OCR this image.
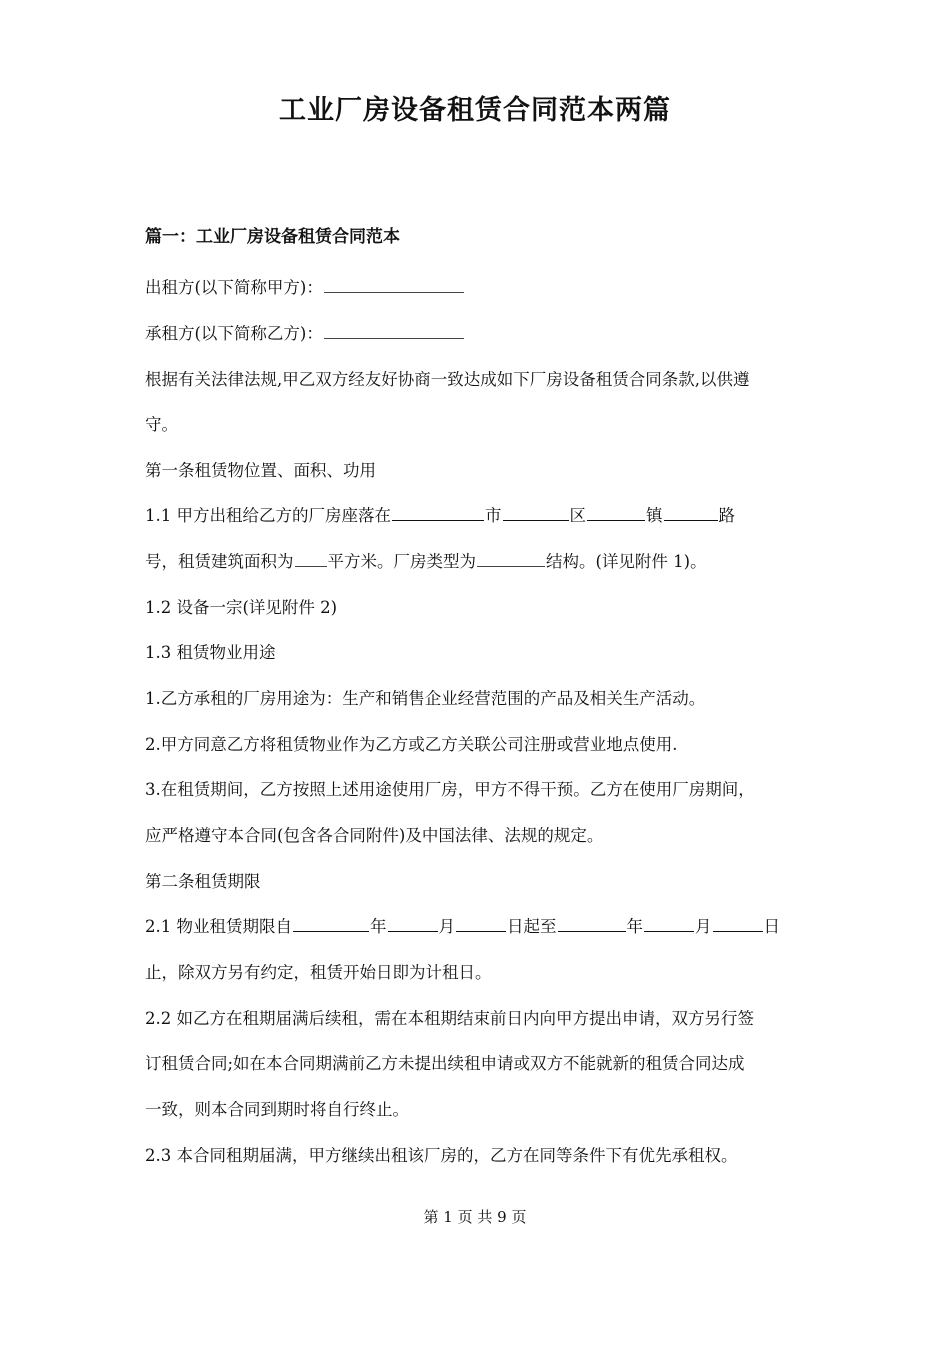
工业厂房设备租赁合同范本两篇
篇一：工业厂房设备租赁合同范本
出租方(以下简称甲方)：
承租方(以下简称乙方)：
根据有关法律法规,甲乙双方经友好协商一致达成如下厂房设备租赁合同条款,以供遵
守。
第一条租赁物位置、面积、功用
1.1 甲方出租给乙方的厂房座落在	市	区	镇	路
号，租赁建筑面积为 平方米。厂房类型为	结构。(详见附件 1)。
1.2 设备一宗(详见附件 2)
1.3 租赁物业用途
1.乙方承租的厂房用途为：生产和销售企业经营范围的产品及相关生产活动。
2.甲方同意乙方将租赁物业作为乙方或乙方关联公司注册或营业地点使用.
3.在租赁期间，乙方按照上述用途使用厂房，甲方不得干预。乙方在使用厂房期间，
应严格遵守本合同(包含各合同附件)及中国法律、法规的规定。
第二条租赁期限
2.1 物业租赁期限自	年	月	日起至	年	月	日
止，除双方另有约定，租赁开始日即为计租日。
2.2 如乙方在租期届满后续租，需在本租期结束前日内向甲方提出申请，双方另行签
订租赁合同;如在本合同期满前乙方未提出续租申请或双方不能就新的租赁合同达成
一致，则本合同到期时将自行终止。
2.3 本合同租期届满，甲方继续出租该厂房的，乙方在同等条件下有优先承租权。
第 1 页 共 9 页
